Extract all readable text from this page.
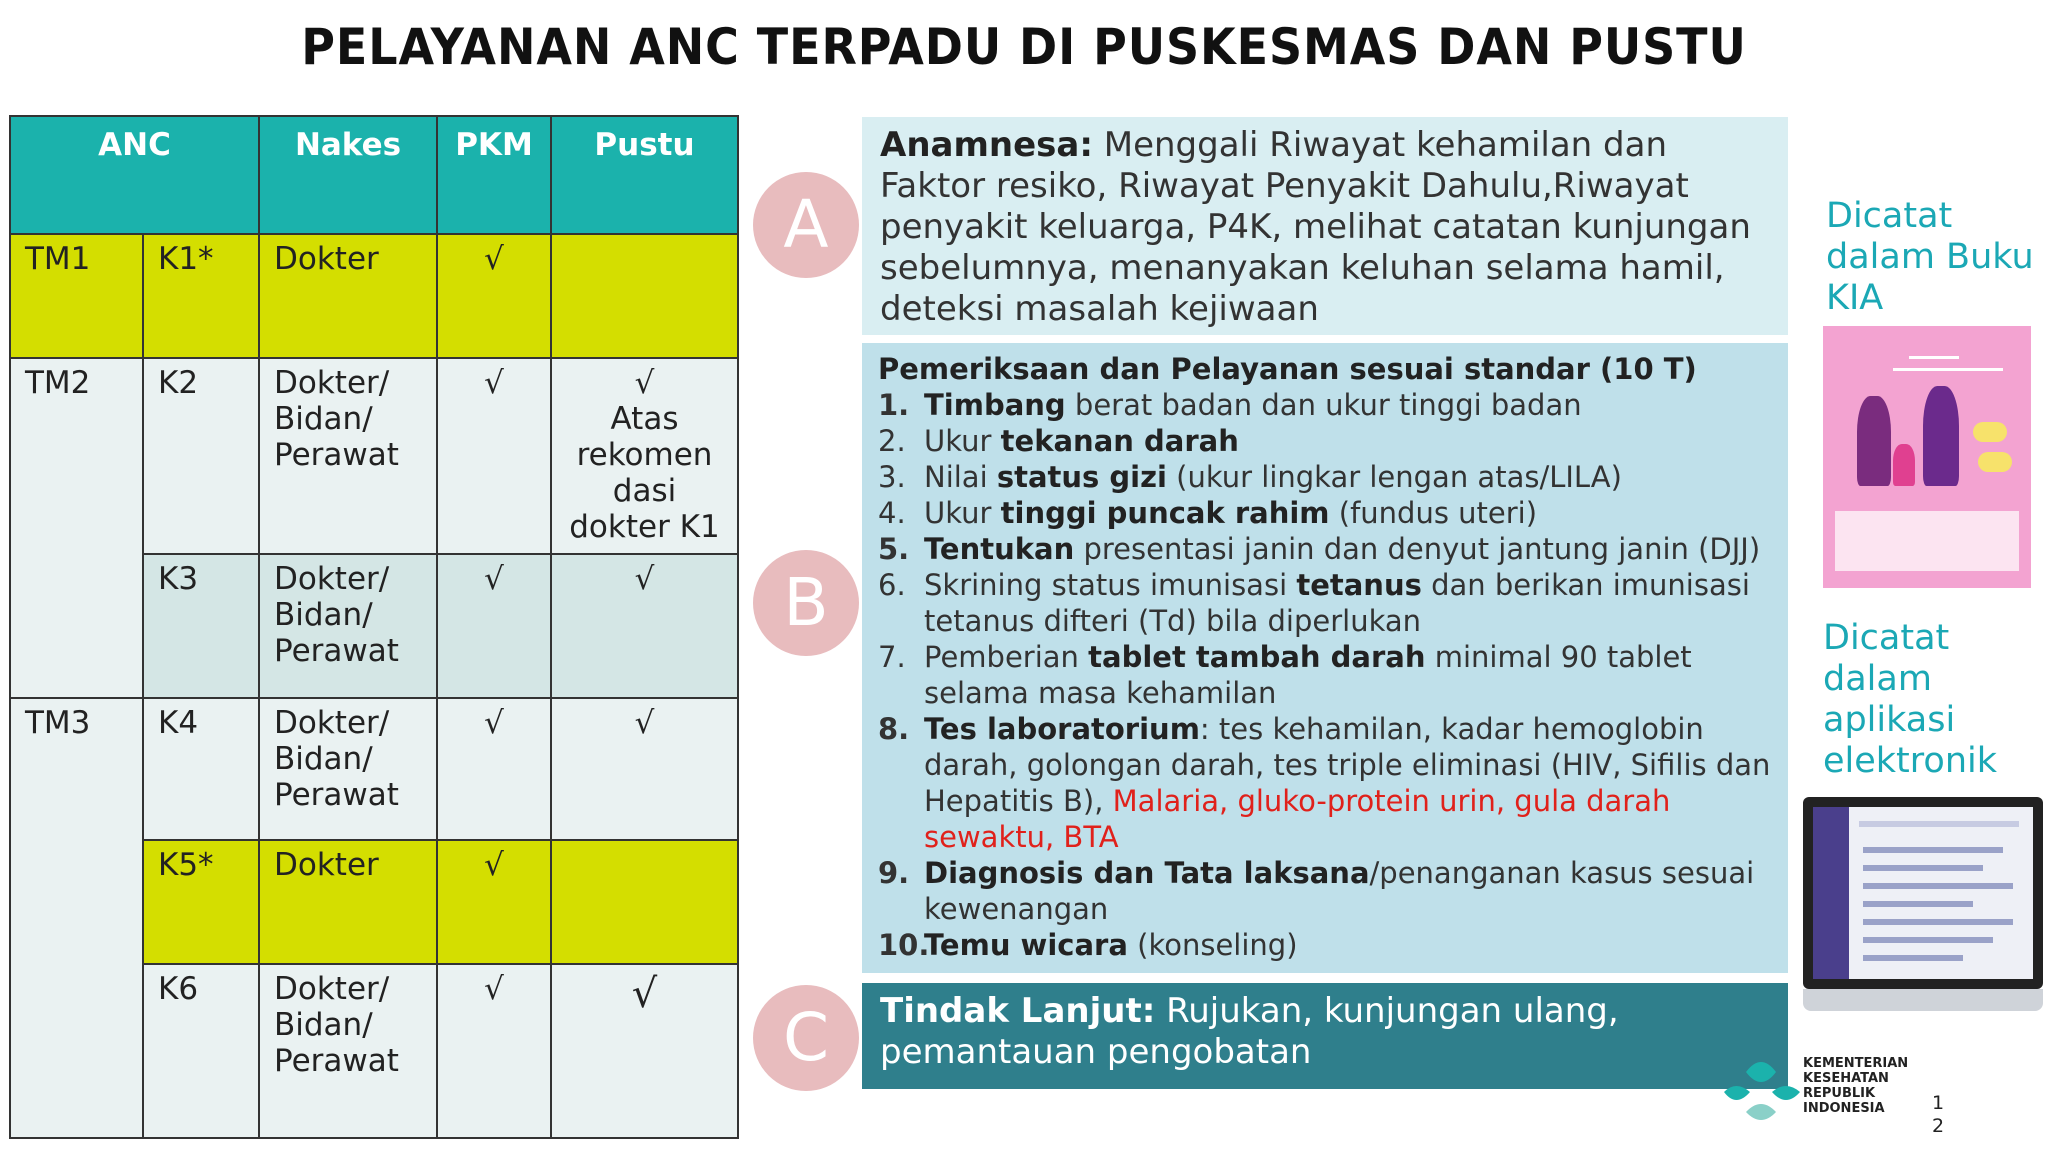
PELAYANAN ANC TERPADU DI PUSKESMAS DAN PUSTU
ANC		Nakes	PKM	Pustu
TM1	K1*	Dokter	√	
TM2	K2	Dokter/ Bidan/ Perawat	√	√
Atas rekomen dasi dokter K1

	K3	Dokter/ Bidan/ Perawat	√	√
TM3	K4	Dokter/ Bidan/ Perawat	√	√
	K5*	Dokter	√	
	K6	Dokter/ Bidan/ Perawat	√	√
A
Anamnesa: Menggali Riwayat kehamilan dan Faktor resiko, Riwayat Penyakit Dahulu,Riwayat penyakit keluarga, P4K, melihat catatan kunjungan sebelumnya, menanyakan keluhan selama hamil, deteksi masalah kejiwaan
B
Pemeriksaan dan Pelayanan sesuai standar (10 T)
1. Timbang berat badan dan ukur tinggi badan
2. Ukur tekanan darah
3. Nilai status gizi (ukur lingkar lengan atas/LILA)
4. Ukur tinggi puncak rahim (fundus uteri)
5. Tentukan presentasi janin dan denyut jantung janin (DJJ)
6. Skrining status imunisasi tetanus dan berikan imunisasi tetanus difteri (Td) bila diperlukan
7. Pemberian tablet tambah darah minimal 90 tablet selama masa kehamilan
8. Tes laboratorium: tes kehamilan, kadar hemoglobin darah, golongan darah, tes triple eliminasi (HIV, Sifilis dan Hepatitis B), Malaria, gluko-protein urin, gula darah sewaktu, BTA
9. Diagnosis dan Tata laksana/penanganan kasus sesuai kewenangan
10.
Temu wicara (konseling)
C	Tindak Lanjut: Rujukan, kunjungan ulang, pemantauan pengobatan
Dicatat dalam Buku KIA
Dicatat dalam aplikasi elektronik
KEMENTERIAN
KESEHATAN
REPUBLIK
INDONESIA	1
2
